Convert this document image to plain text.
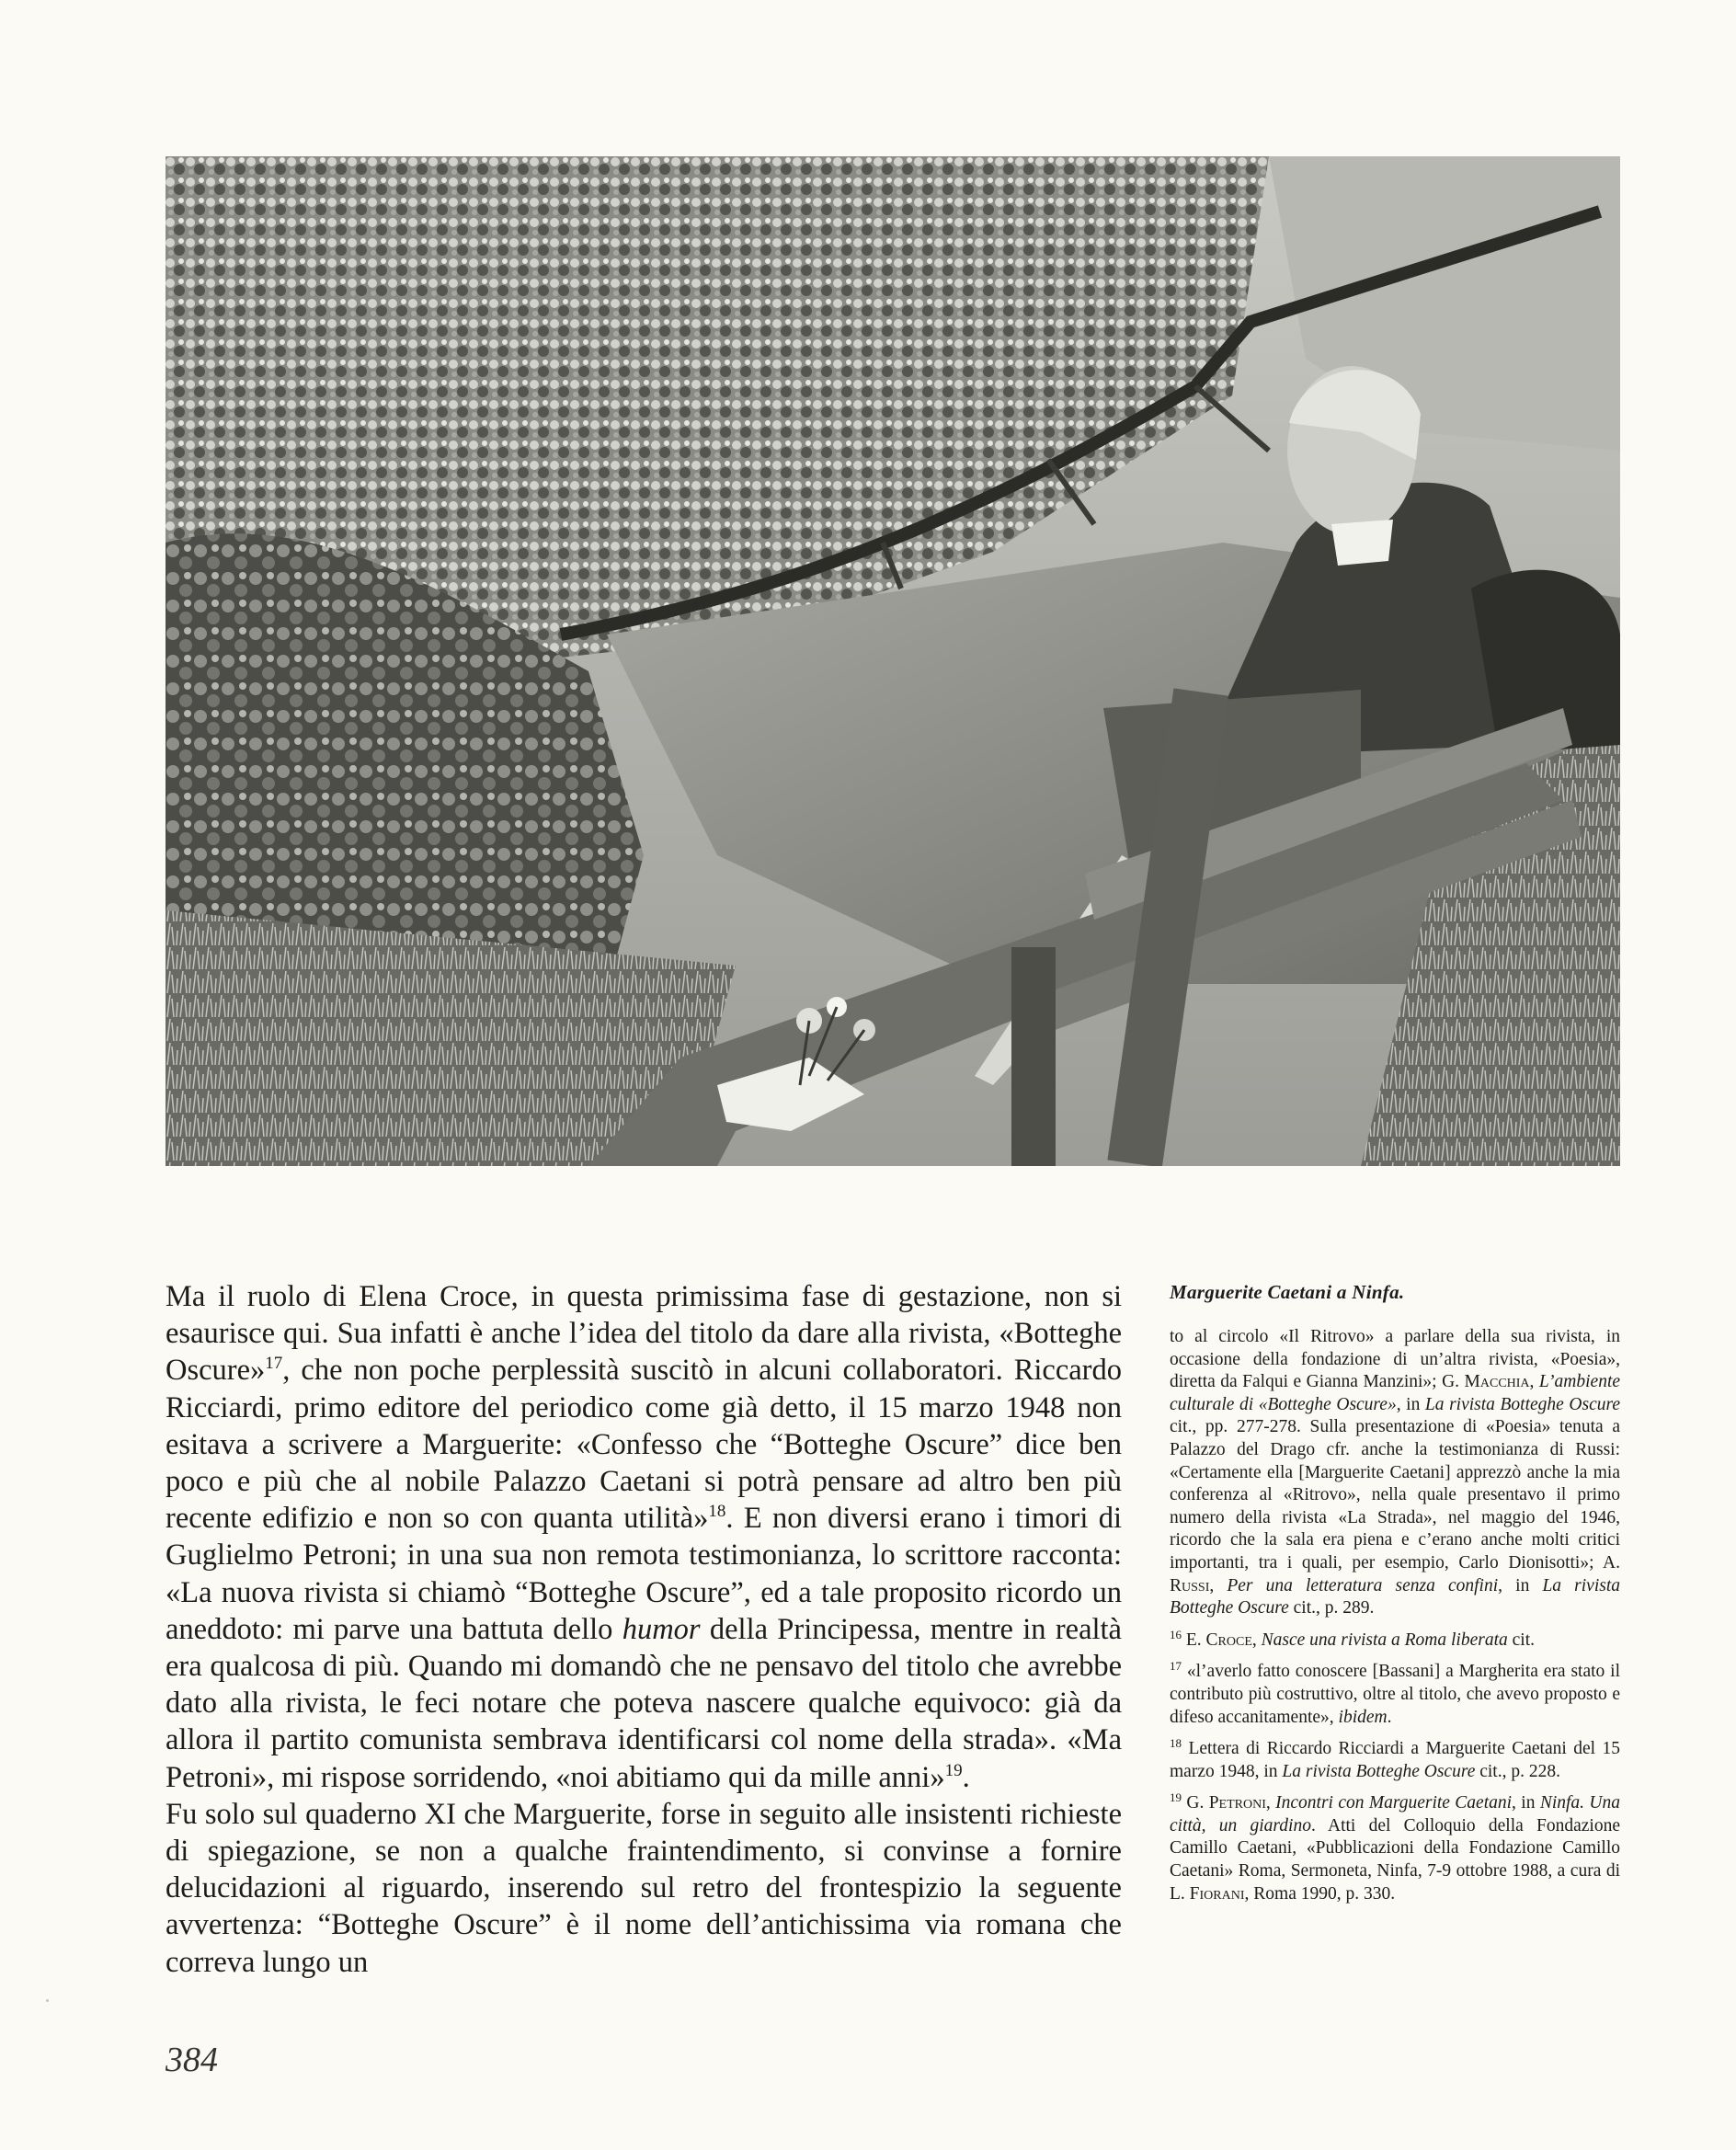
Ma il ruolo di Elena Croce, in questa primissima fase di gestazione, non si esaurisce qui. Sua infatti è anche l’idea del titolo da dare alla rivista, «Botteghe Oscure»$^{17}$, che non poche perplessità suscitò in alcuni collaboratori. Riccardo Ricciardi, primo editore del periodico come già detto, il 15 marzo 1948 non esitava a scrivere a Marguerite: «Confesso che “Botteghe Oscure” dice ben poco e più che al nobile Palazzo Caetani si potrà pensare ad altro ben più recente edifizio e non so con quanta utilità»$^{18}$. E non diversi erano i timori di Guglielmo Petroni; in una sua non remota testimonianza, lo scrittore racconta: «La nuova rivista si chiamò “Botteghe Oscure”, ed a tale proposito ricordo un aneddoto: mi parve una battuta dello humor della Principessa, mentre in realtà era qualcosa di più. Quando mi domandò che ne pensavo del titolo che avrebbe dato alla rivista, le feci notare che poteva nascere qualche equivoco: già da allora il partito comunista sembrava identificarsi col nome della strada». «Ma Petroni», mi rispose sorridendo, «noi abitiamo qui da mille anni»$^{19}$.

Fu solo sul quaderno XI che Marguerite, forse in seguito alle insistenti richieste di spiegazione, se non a qualche fraintendimento, si convinse a fornire delucidazioni al riguardo, inserendo sul retro del frontespizio la seguente avvertenza: “Botteghe Oscure” è il nome dell’antichissima via romana che correva lungo un

Marguerite Caetani a Ninfa.

to al circolo «Il Ritrovo» a parlare della sua rivista, in occasione della fondazione di un’altra rivista, «Poesia», diretta da Falqui e Gianna Manzini»; G. Macchia, L’ambiente culturale di «Botteghe Oscure», in La rivista Botteghe Oscure cit., pp. 277-278. Sulla presentazione di «Poesia» tenuta a Palazzo del Drago cfr. anche la testimonianza di Russi: «Certamente ella [Marguerite Caetani] apprezzò anche la mia conferenza al «Ritrovo», nella quale presentavo il primo numero della rivista «La Strada», nel maggio del 1946, ricordo che la sala era piena e c’erano anche molti critici importanti, tra i quali, per esempio, Carlo Dionisotti»; A. Russi, Per una letteratura senza confini, in La rivista Botteghe Oscure cit., p. 289.

$^{16}$ E. Croce, Nasce una rivista a Roma liberata cit.

$^{17}$ «l’averlo fatto conoscere [Bassani] a Margherita era stato il contributo più costruttivo, oltre al titolo, che avevo proposto e difeso accanitamente», ibidem.

$^{18}$ Lettera di Riccardo Ricciardi a Marguerite Caetani del 15 marzo 1948, in La rivista Botteghe Oscure cit., p. 228.

$^{19}$ G. Petroni, Incontri con Marguerite Caetani, in Ninfa. Una città, un giardino. Atti del Colloquio della Fondazione Camillo Caetani, «Pubblicazioni della Fondazione Camillo Caetani» Roma, Sermoneta, Ninfa, 7-9 ottobre 1988, a cura di L. Fiorani, Roma 1990, p. 330.

384
